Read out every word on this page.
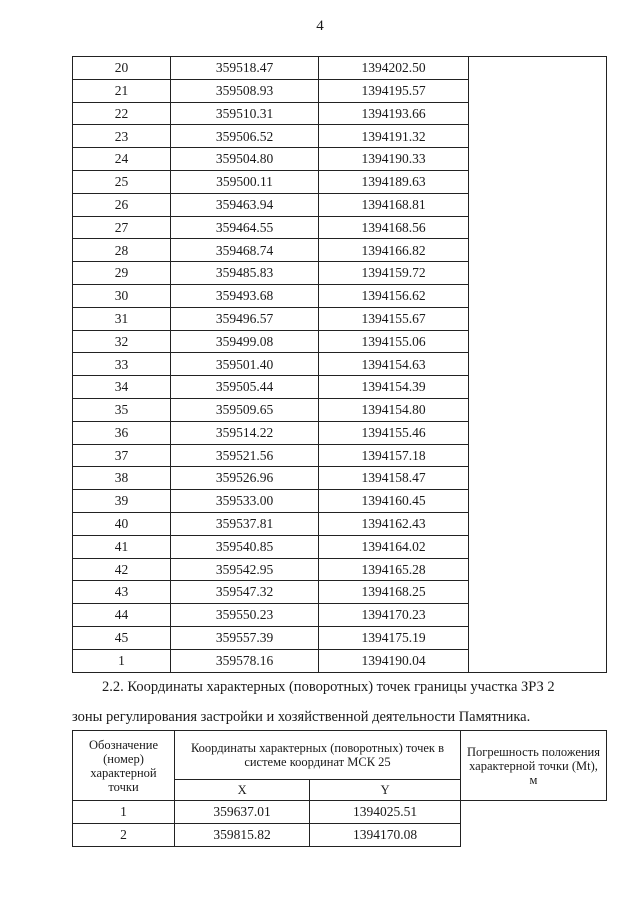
4
20	359518.47	1394202.50	
21	359508.93	1394195.57	
22	359510.31	1394193.66	
23	359506.52	1394191.32	
24	359504.80	1394190.33	
25	359500.11	1394189.63	
26	359463.94	1394168.81	
27	359464.55	1394168.56	
28	359468.74	1394166.82	
29	359485.83	1394159.72	
30	359493.68	1394156.62	
31	359496.57	1394155.67	
32	359499.08	1394155.06	
33	359501.40	1394154.63	
34	359505.44	1394154.39	
35	359509.65	1394154.80	
36	359514.22	1394155.46	
37	359521.56	1394157.18	
38	359526.96	1394158.47	
39	359533.00	1394160.45	
40	359537.81	1394162.43	
41	359540.85	1394164.02	
42	359542.95	1394165.28	
43	359547.32	1394168.25	
44	359550.23	1394170.23	
45	359557.39	1394175.19	
1	359578.16	1394190.04	
2.2. Координаты характерных (поворотных) точек границы участка ЗРЗ 2
зоны регулирования застройки и хозяйственной деятельности Памятника.
Обозначение (номер) характерной точки	Координаты характерных (поворотных) точек в системе координат МСК 25		Погрешность положения характерной точки (Mt), м
	X	Y	
1	359637.01	1394025.51	
2	359815.82	1394170.08	
